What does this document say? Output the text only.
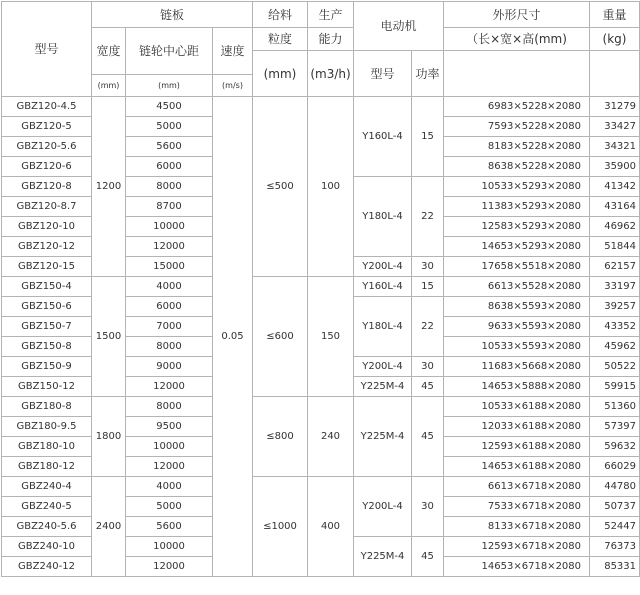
型号	链板			给料	生产	电动机		外形尺寸	重量
	宽度	链轮中心距	速度	粒度	能力			（长×宽×高(mm)	(kg)
				(mm)	(m3/h)	型号	功率		
	(mm)	(mm)	(m/s)						
GBZ120-4.5	1200	4500	0.05	≤500	100	Y160L-4	15	6983×5228×2080	31279
GBZ120-5		5000						7593×5228×2080	33427
GBZ120-5.6		5600						8183×5228×2080	34321
GBZ120-6		6000						8638×5228×2080	35900
GBZ120-8		8000				Y180L-4	22	10533×5293×2080	41342
GBZ120-8.7		8700						11383×5293×2080	43164
GBZ120-10		10000						12583×5293×2080	46962
GBZ120-12		12000						14653×5293×2080	51844
GBZ120-15		15000				Y200L-4	30	17658×5518×2080	62157
GBZ150-4	1500	4000		≤600	150	Y160L-4	15	6613×5528×2080	33197
GBZ150-6		6000				Y180L-4	22	8638×5593×2080	39257
GBZ150-7		7000						9633×5593×2080	43352
GBZ150-8		8000						10533×5593×2080	45962
GBZ150-9		9000				Y200L-4	30	11683×5668×2080	50522
GBZ150-12		12000				Y225M-4	45	14653×5888×2080	59915
GBZ180-8	1800	8000		≤800	240	Y225M-4	45	10533×6188×2080	51360
GBZ180-9.5		9500						12033×6188×2080	57397
GBZ180-10		10000						12593×6188×2080	59632
GBZ180-12		12000						14653×6188×2080	66029
GBZ240-4	2400	4000		≤1000	400	Y200L-4	30	6613×6718×2080	44780
GBZ240-5		5000						7533×6718×2080	50737
GBZ240-5.6		5600						8133×6718×2080	52447
GBZ240-10		10000				Y225M-4	45	12593×6718×2080	76373
GBZ240-12		12000						14653×6718×2080	85331
